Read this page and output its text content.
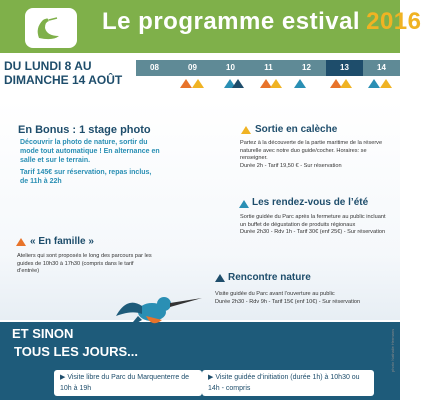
Le programme estival 2016
DU LUNDI 8 AU
DIMANCHE 14 AOÛT
08	09	10	11	12	13	14
En Bonus : 1 stage photo
Découvrir la photo de nature, sortir du mode tout automatique ! En alternance en salle et sur le terrain.
Tarif 145€ sur réservation, repas inclus, de 11h à 22h
Sortie en calèche
Partez à la découverte de la partie maritime de la réserve naturelle avec notre duo guide/cocher. Horaires: se renseigner.
Durée 2h - Tarif 19,50 € - Sur réservation
Les rendez-vous de l’été
Sortie guidée du Parc après la fermeture au public incluant un buffet de dégustation de produits régionaux
Durée 2h30 - Rdv 1h - Tarif 30€ (enf 25€) - Sur réservation
« En famille »
Ateliers qui sont proposés le long des parcours par les guides de 10h30 à 17h30 (compris dans le tarif d’entrée)
Rencontre nature
Visite guidée du Parc avant l’ouverture au public
Durée 2h30 - Rdv 9h - Tarif 15€ (enf 10€) - Sur réservation
ET SINON
TOUS LES JOURS...
▶ Visite libre du Parc du Marquenterre de 10h à 19h
▶ Visite guidée d’initiation (durée 1h) à 10h30 ou 14h - compris
photo Nathalie Hermans
